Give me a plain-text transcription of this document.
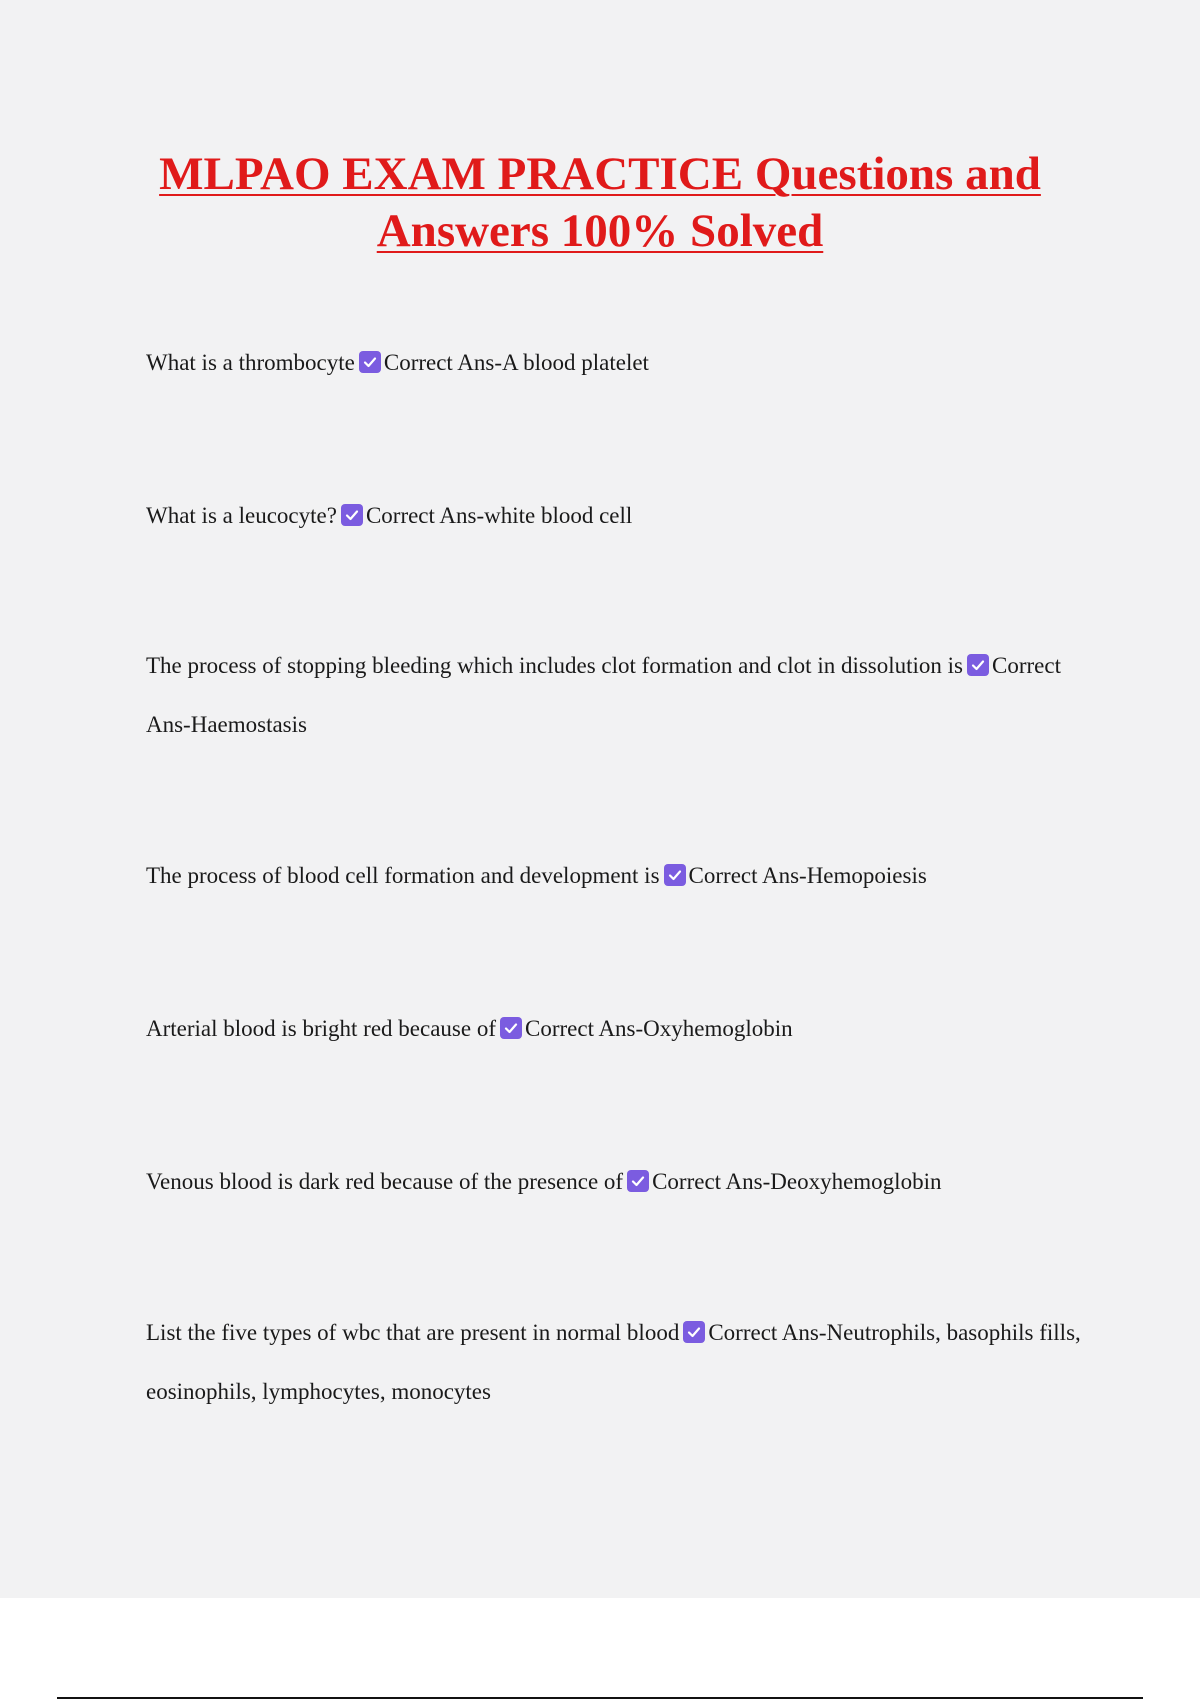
MLPAO EXAM PRACTICE Questions and Answers 100% Solved

What is a thrombocyte Correct Ans-A blood platelet

What is a leucocyte? Correct Ans-white blood cell

The process of stopping bleeding which includes clot formation and clot in dissolution is Correct Ans-Haemostasis

The process of blood cell formation and development is Correct Ans-Hemopoiesis

Arterial blood is bright red because of Correct Ans-Oxyhemoglobin

Venous blood is dark red because of the presence of Correct Ans-Deoxyhemoglobin

List the five types of wbc that are present in normal blood Correct Ans-Neutrophils, basophils fills, eosinophils, lymphocytes, monocytes
